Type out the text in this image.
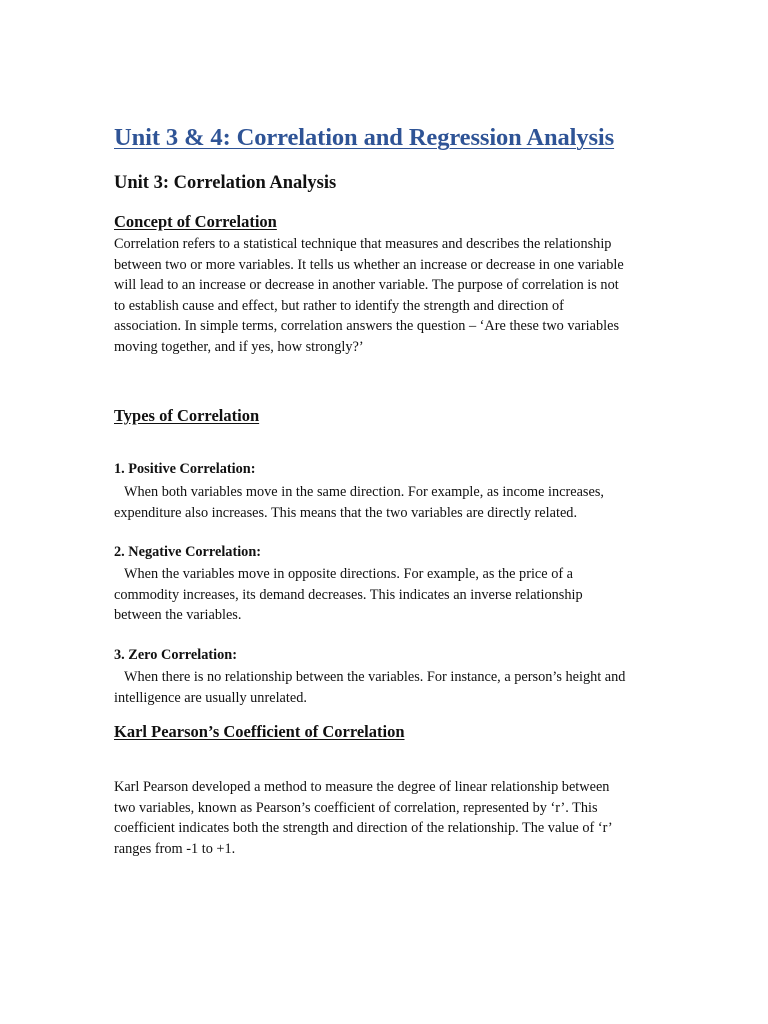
Unit 3 & 4: Correlation and Regression Analysis
Unit 3: Correlation Analysis
Concept of Correlation
Correlation refers to a statistical technique that measures and describes the relationship
between two or more variables. It tells us whether an increase or decrease in one variable
will lead to an increase or decrease in another variable. The purpose of correlation is not
to establish cause and effect, but rather to identify the strength and direction of
association. In simple terms, correlation answers the question – ‘Are these two variables
moving together, and if yes, how strongly?’
Types of Correlation
1. Positive Correlation:
When both variables move in the same direction. For example, as income increases,
expenditure also increases. This means that the two variables are directly related.
2. Negative Correlation:
When the variables move in opposite directions. For example, as the price of a
commodity increases, its demand decreases. This indicates an inverse relationship
between the variables.
3. Zero Correlation:
When there is no relationship between the variables. For instance, a person’s height and
intelligence are usually unrelated.
Karl Pearson’s Coefficient of Correlation
Karl Pearson developed a method to measure the degree of linear relationship between
two variables, known as Pearson’s coefficient of correlation, represented by ‘r’. This
coefficient indicates both the strength and direction of the relationship. The value of ‘r’
ranges from -1 to +1.
